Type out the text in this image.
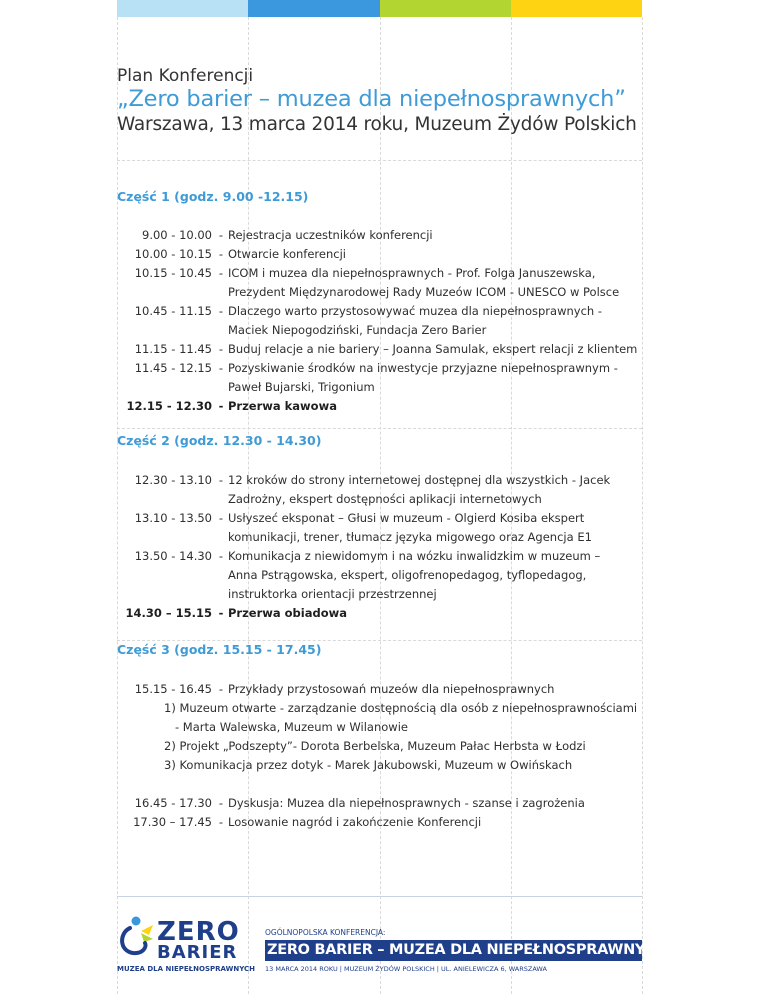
Plan Konferencji
„Zero barier – muzea dla niepełnosprawnych”
Warszawa, 13 marca 2014 roku, Muzeum Żydów Polskich
Część 1 (godz. 9.00 -12.15)
9.00 - 10.00 - Rejestracja uczestników konferencji
10.00 - 10.15 - Otwarcie konferencji
10.15 - 10.45 - ICOM i muzea dla niepełnosprawnych - Prof. Folga Januszewska,
Prezydent Międzynarodowej Rady Muzeów ICOM - UNESCO w Polsce
10.45 - 11.15 - Dlaczego warto przystosowywać muzea dla niepełnosprawnych -
Maciek Niepogodziński, Fundacja Zero Barier
11.15 - 11.45 - Buduj relacje a nie bariery – Joanna Samulak, ekspert relacji z klientem
11.45 - 12.15 - Pozyskiwanie środków na inwestycje przyjazne niepełnosprawnym -
Paweł Bujarski, Trigonium
12.15 - 12.30 - Przerwa kawowa
Część 2 (godz. 12.30 - 14.30)
12.30 - 13.10 - 12 kroków do strony internetowej dostępnej dla wszystkich - Jacek
Zadrożny, ekspert dostępności aplikacji internetowych
13.10 - 13.50 - Usłyszeć eksponat – Głusi w muzeum - Olgierd Kosiba ekspert
komunikacji, trener, tłumacz języka migowego oraz Agencja E1
13.50 - 14.30 - Komunikacja z niewidomym i na wózku inwalidzkim w muzeum –
Anna Pstrągowska, ekspert, oligofrenopedagog, tyflopedagog,
instruktorka orientacji przestrzennej
14.30 – 15.15 - Przerwa obiadowa
Część 3 (godz. 15.15 - 17.45)
15.15 - 16.45 - Przykłady przystosowań muzeów dla niepełnosprawnych
1) Muzeum otwarte - zarządzanie dostępnością dla osób z niepełnosprawnościami
- Marta Walewska, Muzeum w Wilanowie
2) Projekt „Podszepty”- Dorota Berbelska, Muzeum Pałac Herbsta w Łodzi
3) Komunikacja przez dotyk - Marek Jakubowski, Muzeum w Owińskach
16.45 - 17.30 - Dyskusja: Muzea dla niepełnosprawnych - szanse i zagrożenia
17.30 – 17.45 - Losowanie nagród i zakończenie Konferencji
ZERO
BARIER
MUZEA DLA NIEPEŁNOSPRAWNYCH
OGÓLNOPOLSKA KONFERENCJA:
ZERO BARIER – MUZEA DLA NIEPEŁNOSPRAWNYCH
13 MARCA 2014 ROKU | MUZEUM ŻYDÓW POLSKICH | UL. ANIELEWICZA 6, WARSZAWA
